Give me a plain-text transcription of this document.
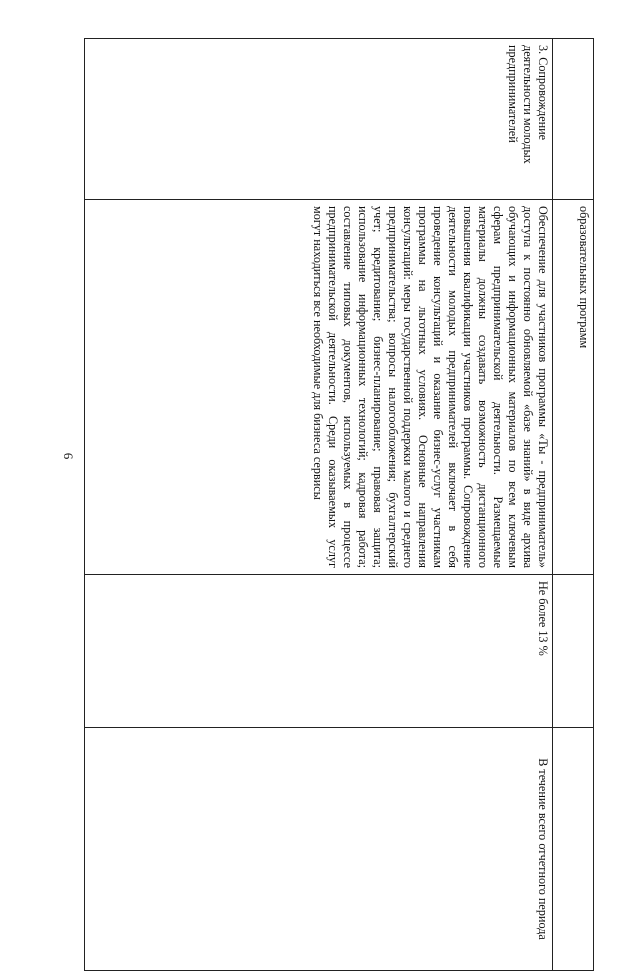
6
	образовательных программ		

3. Сопровождение деятельности молодых предпринимателей	Обеспечение для участников программы «Ты - предприниматель» доступа к постоянно обновляемой «базе знаний» в виде архива обучающих и информационных материалов по всем ключевым сферам предпринимательской деятельности. Размещаемые материалы должны создавать возможность дистанционного повышения квалификации участников программы. Сопровождение деятельности молодых предпринимателей включает в себя проведение консультаций и оказание бизнес-услуг участникам программы на льготных условиях. Основные направления консультаций: меры государственной поддержки малого и среднего предпринимательства; вопросы налогообложения; бухгалтерский учет; кредитование; бизнес-планирование; правовая защита; использование информационных технологий; кадровая работа; составление типовых документов, используемых в процессе предпринимательской деятельности. Среди оказываемых услуг могут находиться все необходимые для бизнеса сервисы	Не более 13 %	В течение всего отчетного периода
